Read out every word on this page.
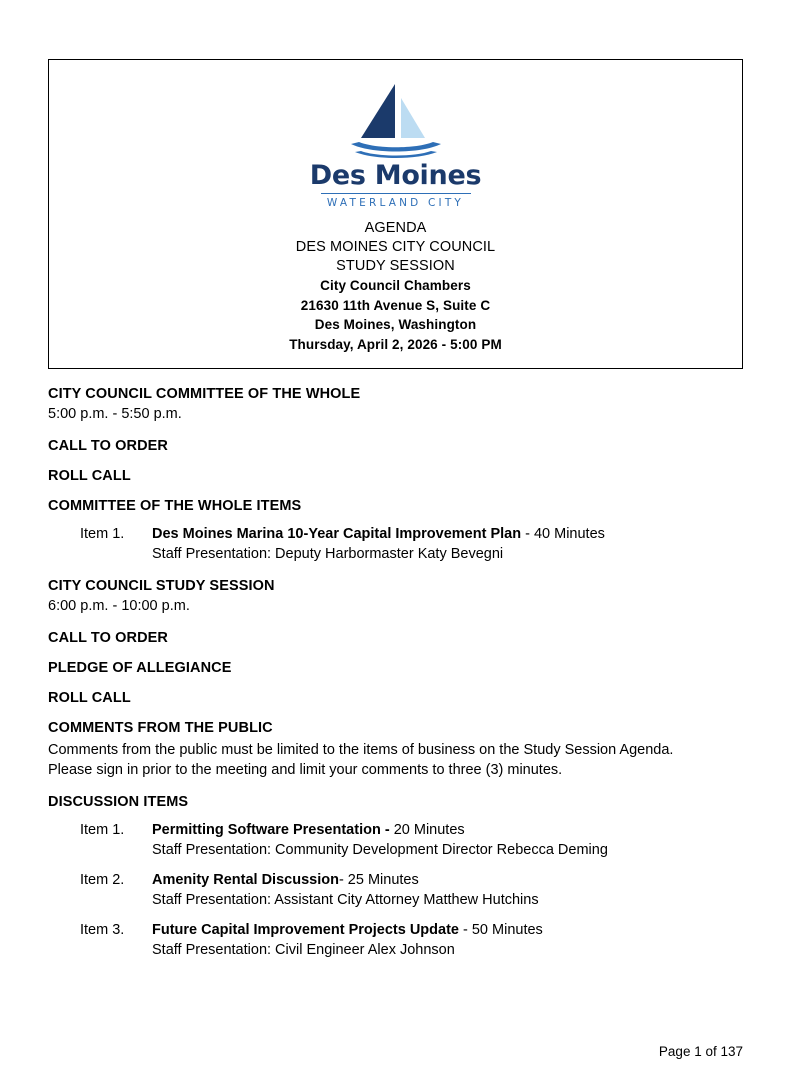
Des Moines
WATERLAND CITY
AGENDA
DES MOINES CITY COUNCIL
STUDY SESSION
City Council Chambers
21630 11th Avenue S, Suite C
Des Moines, Washington
Thursday, April 2, 2026 - 5:00 PM
CITY COUNCIL COMMITTEE OF THE WHOLE
5:00 p.m. - 5:50 p.m.
CALL TO ORDER
ROLL CALL
COMMITTEE OF THE WHOLE ITEMS
Item 1.	Des Moines Marina 10-Year Capital Improvement Plan - 40 Minutes
Staff Presentation: Deputy Harbormaster Katy Bevegni
CITY COUNCIL STUDY SESSION
6:00 p.m. - 10:00 p.m.
CALL TO ORDER
PLEDGE OF ALLEGIANCE
ROLL CALL
COMMENTS FROM THE PUBLIC
Comments from the public must be limited to the items of business on the Study Session Agenda.
Please sign in prior to the meeting and limit your comments to three (3) minutes.
DISCUSSION ITEMS
Item 1.	Permitting Software Presentation - 20 Minutes
Staff Presentation: Community Development Director Rebecca Deming
Item 2.	Amenity Rental Discussion- 25 Minutes
Staff Presentation: Assistant City Attorney Matthew Hutchins
Item 3.	Future Capital Improvement Projects Update - 50 Minutes
Staff Presentation: Civil Engineer Alex Johnson
Page 1 of 137
